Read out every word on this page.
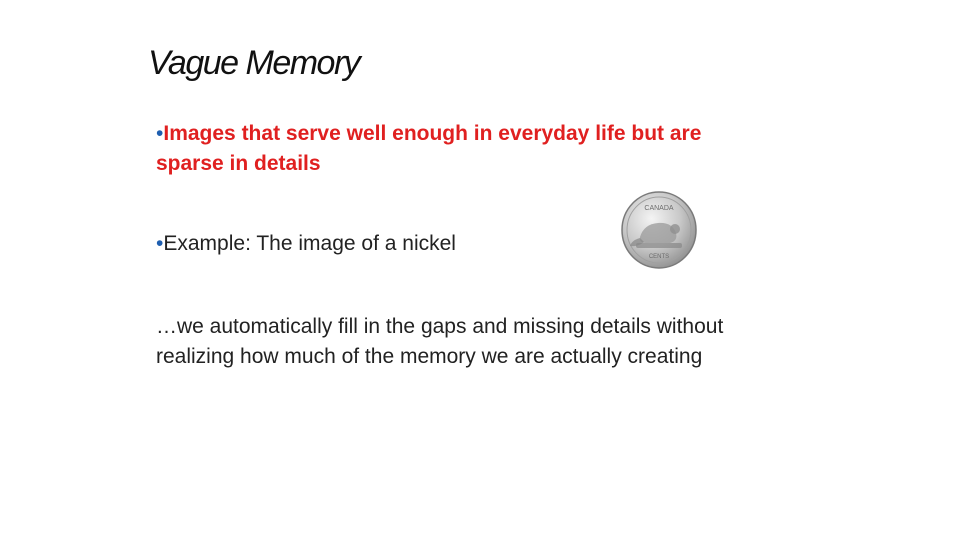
Vague Memory
•Images that serve well enough in everyday life but are sparse in details
•Example: The image of a nickel
CANADA
CENTS
…we automatically fill in the gaps and missing details without realizing how much of the memory we are actually creating
